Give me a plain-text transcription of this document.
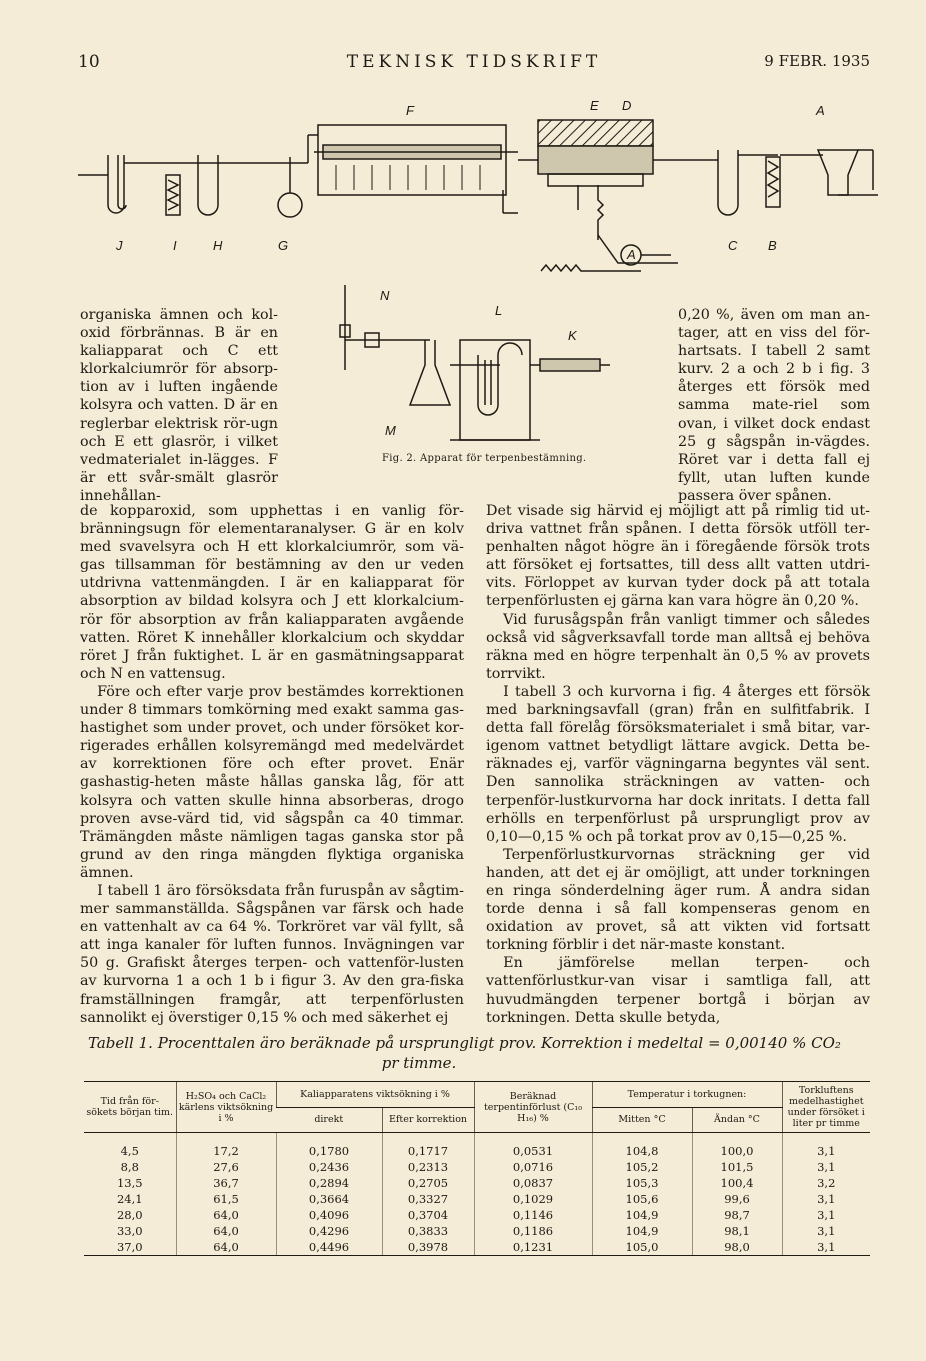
10	TEKNISK TIDSKRIFT	9 FEBR. 1935
F	E D	A
J	I	H	G
A
C B
N
L
K
M
Fig. 2. Apparat för terpenbestämning.

organiska ämnen och kol-oxid förbrännas. B är en kaliapparat och C ett klorkalciumrör för absorp-tion av i luften ingående kolsyra och vatten. D är en reglerbar elektrisk rör-ugn och E ett glasrör, i vilket vedmaterialet in-lägges. F är ett svår-smält glasrör innehållan-

0,20 %, även om man an-tager, att en viss del för-hartsats. I tabell 2 samt kurv. 2 a och 2 b i fig. 3 återges ett försök med samma mate-riel som ovan, i vilket dock endast 25 g sågspån in-vägdes. Röret var i detta fall ej fyllt, utan luften kunde passera över spånen.

de kopparoxid, som upphettas i en vanlig för-bränningsugn för elementaranalyser. G är en kolv med svavelsyra och H ett klorkalciumrör, som vä-gas tillsamman för bestämning av den ur veden utdrivna vattenmängden. I är en kaliapparat för absorption av bildad kolsyra och J ett klorkalcium-rör för absorption av från kaliapparaten avgående vatten. Röret K innehåller klorkalcium och skyddar röret J från fuktighet. L är en gasmätningsapparat och N en vattensug.

Före och efter varje prov bestämdes korrektionen under 8 timmars tomkörning med exakt samma gas-hastighet som under provet, och under försöket kor-rigerades erhållen kolsyremängd med medelvärdet av korrektionen före och efter provet. Enär gashastig-heten måste hållas ganska låg, för att kolsyra och vatten skulle hinna absorberas, drogo proven avse-värd tid, vid sågspån ca 40 timmar. Trämängden måste nämligen tagas ganska stor på grund av den ringa mängden flyktiga organiska ämnen.

I tabell 1 äro försöksdata från furuspån av sågtim-mer sammanställda. Sågspånen var färsk och hade en vattenhalt av ca 64 %. Torkröret var väl fyllt, så att inga kanaler för luften funnos. Invägningen var 50 g. Grafiskt återges terpen- och vattenför-lusten av kurvorna 1 a och 1 b i figur 3. Av den gra-fiska framställningen framgår, att terpenförlusten sannolikt ej överstiger 0,15 % och med säkerhet ej

Det visade sig härvid ej möjligt att på rimlig tid ut-driva vattnet från spånen. I detta försök utföll ter-penhalten något högre än i föregående försök trots att försöket ej fortsattes, till dess allt vatten utdri-vits. Förloppet av kurvan tyder dock på att totala terpenförlusten ej gärna kan vara högre än 0,20 %.

Vid furusågspån från vanligt timmer och således också vid sågverksavfall torde man alltså ej behöva räkna med en högre terpenhalt än 0,5 % av provets torrvikt.

I tabell 3 och kurvorna i fig. 4 återges ett försök med barkningsavfall (gran) från en sulfitfabrik. I detta fall förelåg försöksmaterialet i små bitar, var-igenom vattnet betydligt lättare avgick. Detta be-räknades ej, varför vägningarna begyntes väl sent. Den sannolika sträckningen av vatten- och terpenför-lustkurvorna har dock inritats. I detta fall erhölls en terpenförlust på ursprungligt prov av 0,10—0,15 % och på torkat prov av 0,15—0,25 %.

Terpenförlustkurvornas sträckning ger vid handen, att det ej är omöjligt, att under torkningen en ringa sönderdelning äger rum. Å andra sidan torde denna i så fall kompenseras genom en oxidation av provet, så att vikten vid fortsatt torkning förblir i det när-maste konstant.

En jämförelse mellan terpen- och vattenförlustkur-van visar i samtliga fall, att huvudmängden terpener bortgå i början av torkningen. Detta skulle betyda,

Tabell 1. Procenttalen äro beräknade på ursprungligt prov. Korrektion i medeltal = 0,00140 % CO₂
pr timme.
Tid från för-sökets början tim.	H₂SO₄ och CaCl₂ kärlens viktsökning i %	Kaliapparatens viktsökning i %		Beräknad terpentinförlust (C₁₀ H₁₆) %	Temperatur i torkugnen:		Torkluftens medelhastighet under försöket i liter pr timme
		direkt	Efter korrektion		Mitten °C	Ändan °C	
4,5	17,2	0,1780	0,1717	0,0531	104,8	100,0	3,1
8,8	27,6	0,2436	0,2313	0,0716	105,2	101,5	3,1
13,5	36,7	0,2894	0,2705	0,0837	105,3	100,4	3,2
24,1	61,5	0,3664	0,3327	0,1029	105,6	99,6	3,1
28,0	64,0	0,4096	0,3704	0,1146	104,9	98,7	3,1
33,0	64,0	0,4296	0,3833	0,1186	104,9	98,1	3,1
37,0	64,0	0,4496	0,3978	0,1231	105,0	98,0	3,1
